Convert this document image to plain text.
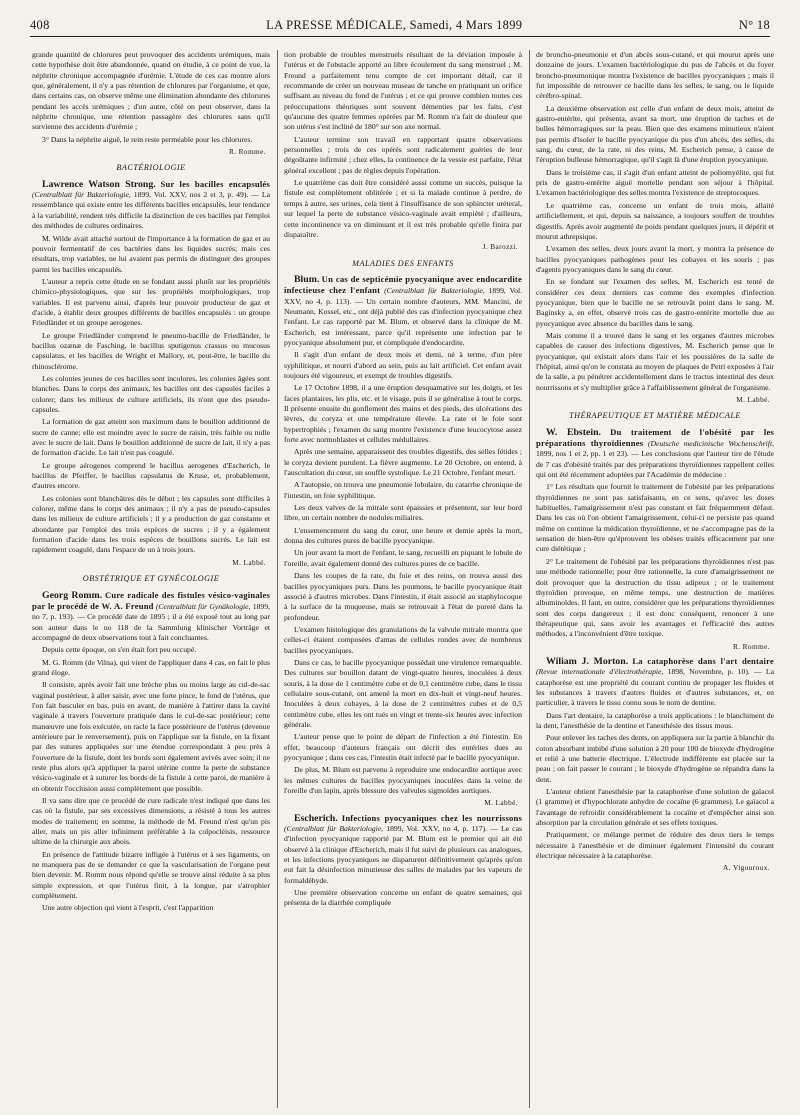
408	LA PRESSE MÉDICALE, Samedi, 4 Mars 1899	N° 18

grande quantité de chlorures peut provoquer des accidents urémiques, mais cette hypothèse doit être abandonnée, quand on étudie, à ce point de vue, la néphrite chronique accompagnée d'urémie. L'étude de ces cas montre alors que, généralement, il n'y a pas rétention de chlorures par l'organisme, et que, dans certains cas, on observe même une élimination abondante des chlorures pendant les accès urémiques ; d'un autre, côté on peut observer, dans la néphrite chronique, une rétention passagère des chlorures sans qu'il survienne des accidents d'urémie ;

3° Dans la néphrite aiguë, le rein reste perméable pour les chlorures.

R. Romme.
BACTÉRIOLOGIE

Lawrence Watson Strong. Sur les bacilles encapsulés (Centralblatt für Bakteriologie, 1899, Vol. XXV, nos 2 et 3, p. 49). — La ressemblance qui existe entre les différents bacilles encapsulés, leur tendance à la variabilité, rendent très difficile la distinction de ces bacilles par l'emploi des méthodes de cultures ordinaires.

M. Wilde avait attaché surtout de l'importance à la formation de gaz et au pouvoir fermentatif de ces bactéries dans les liquides sucrés; mais ces résultats, trop variables, ne lui avaient pas permis de distinguer des groupes parmi les bacilles encapsulés.

L'auteur a repris cette étude en se fondant aussi plutôt sur les propriétés chimico-physiologiques, que sur les propriétés morphologiques, trop variables. Il est parvenu ainsi, d'après leur pouvoir producteur de gaz et d'acide, à établir deux groupes différents de bacilles encapsulés : un groupe Friedländer et un groupe aerogenes.

Le groupe Friedländer comprend le pneumo-bacille de Friedländer, le bacillus ozænæ de Fasching, le bacillus sputigenus crassus ou mucosus capsulatus, et les bacilles de Wright et Mallory, et, peut-être, le bacille du rhinosclérome.

Les colonies jeunes de ces bacilles sont incolores, les colonies âgées sont blanches. Dans le corps des animaux, les bacilles ont des capsules faciles à colorer; dans les milieux de culture artificiels, ils n'ont que des pseudo-capsules.

La formation de gaz atteint son maximum dans le bouillon additionné de sucre de canne; elle est moindre avec le sucre de raisin, très faible ou nulle avec le sucre de lait. Dans le bouillon additionné de sucre de lait, il n'y a pas de formation d'acide. Le lait n'est pas coagulé.

Le groupe aérogenes comprend le bacillus aerogenes d'Escherich, le bacillus de Pfeiffer, le bacillus capsulatus de Kruse, et, probablement, d'autres encore.

Les colonies sont blanchâtres dès le début ; les capsules sont difficiles à colorer, même dans le corps des animaux ; il n'y a pas de pseudo-capsules dans les milieux de culture artificiels ; il y a production de gaz constante et abondante par l'emploi des trois espèces de sucres ; il y a également formation d'acide dans les trois espèces de bouillons sucrés. Le lait est rapidement coagulé, dans l'espace de un à trois jours.

M. Labbé.
OBSTÉTRIQUE ET GYNÉCOLOGIE

Georg Romm. Cure radicale des fistules vésico-vaginales par le procédé de W. A. Freund (Centralblatt für Gynäkologie, 1899, no 7, p. 193). — Ce procédé date de 1895 ; il a été exposé tout au long par son auteur dans le no 118 de la Sammlung klinischer Vorträge et accompagné de deux observations tout à fait concluantes.

Depuis cette époque, on s'en était fort peu occupé.

M. G. Romm (de Vilna), qui vient de l'appliquer dans 4 cas, en fait le plus grand éloge.

Il consiste, après avoir fait une brèche plus ou moins large au cul-de-sac vaginal postérieur, à aller saisir, avec une forte pince, le fond de l'utérus, que l'on fait basculer en bas, puis en avant, de manière à l'attirer dans la cavité vaginale à travers l'ouverture pratiquée dans le cul-de-sac postérieur; cette manœuvre une fois exécutée, on racle la face postérieure de l'utérus (devenue antérieure par le renversement), puis on l'applique sur la fistule, en la fixant par des sutures appliquées sur une étendue correspondant à peu près à l'ouverture de la fistule, dont les bords sont également avivés avec soin; il ne reste plus alors qu'à appliquer la paroi utérine contre la perte de substance vésico-vaginale et à suturer les bords de la fistule à cette paroi, de manière à en obtenir l'occlusion aussi complètement que possible.

Il va sans dire que ce procédé de cure radicale n'est indiqué que dans les cas où la fistule, par ses excessives dimensions, a résisté à tous les autres modes de traitement; en somme, la méthode de M. Freund n'est qu'un pis aller, mais un pis aller infiniment préférable à la colpocléisis, ressource ultime de la chirurgie aux abois.

En présence de l'attitude bizarre infligée à l'utérus et à ses ligaments, on ne manquera pas de se demander ce que la vascularisation de l'organe peut bien devenir. M. Romm nous répond qu'elle se trouve ainsi réduite à sa plus simple expression, et que l'utérus finit, à la longue, par s'atrophier complètement.

Une autre objection qui vient à l'esprit, c'est l'apparition

tion probable de troubles menstruels résultant de la déviation imposée à l'utérus et de l'obstacle apporté au libre écoulement du sang menstruel ; M. Freund a parfaitement tenu compte de cet important détail, car il recommande de créer un nouveau museau de tanche en pratiquant un orifice suffisant au niveau du fond de l'utérus ; et ce qui prouve combien toutes ces préoccupations théoriques sont souvent démenties par les faits, c'est qu'aucune des quatre femmes opérées par M. Romm n'a fait de douleur que son utérus s'est incliné de 180° sur son axe normal.

L'auteur termine son travail en rapportant quatre observations personnelles ; trois de ces opérés sont radicalement guéries de leur dégoûtante infirmité ; chez elles, la continence de la vessie est parfaite, l'état général excellent ; pas de règles depuis l'opération.

Le quatrième cas doit être considéré aussi comme un succès, puisque la fistule est complètement oblitérée ; et si la malade continue à perdre, de temps à autre, ses urines, cela tient à l'insuffisance de son sphincter uréteral, sur lequel la perte de substance vésico-vaginale avait empiété ; d'ailleurs, cette incontinence va en diminuant et il est très probable qu'elle finira par disparaître.

J. Barozzi.
MALADIES DES ENFANTS

Blum. Un cas de septicémie pyocyanique avec endocardite infectieuse chez l'enfant (Centralblatt für Bakteriologie, 1899, Vol. XXV, no 4, p. 113). — Un certain nombre d'auteurs, MM. Mancini, de Neumann, Kossel, etc., ont déjà publié des cas d'infection pyocyanique chez l'enfant. Le cas rapporté par M. Blum, et observé dans la clinique de M. Escherich, est intéressant, parce qu'il représente une infection par le pyocyanique absolument pur, et compliquée d'endocardite.

Il s'agit d'un enfant de deux mois et demi, né à terme, d'un père syphilitique, et nourri d'abord au sein, puis au lait artificiel. Cet enfant avait toujours été vigoureux, et exempt de troubles digestifs.

Le 17 Octobre 1898, il a une éruption desquamative sur les doigts, et les faces plantaires, les plis, etc. et le visage, puis il se généralise à tout le corps. Il présente ensuite du gonflement des mains et des pieds, des ulcérations des lèvres, du coryza et une température élevée. La rate et le foie sont hypertrophiés ; l'examen du sang montre l'existence d'une leucocytose assez forte avec normoblastes et cellules médullaires.

Après une semaine, apparaissent des troubles digestifs, des selles fétides ; le coryza devient purulent. La fièvre augmente. Le 20 Octobre, on entend, à l'auscultation du cœur, un souffle systolique. Le 21 Octobre, l'enfant meurt.

A l'autopsie, on trouva une pneumonie lobulaire, du catarrhe chronique de l'intestin, un foie syphilitique.

Les deux valves de la mitrale sont épaissies et présentent, sur leur bord libre, un certain nombre de nodules miliaires.

L'ensemencement du sang du cœur, une heure et demie après la mort, donna des cultures pures de bacille pyocyanique.

Un jour avant la mort de l'enfant, le sang, recueilli en piquant le lobule de l'oreille, avait également donné des cultures pures de ce bacille.

Dans les coupes de la rate, du foie et des reins, on trouva aussi des bacilles pyocyaniques purs. Dans les poumons, le bacille pyocyanique était associé à d'autres microbes. Dans l'intestin, il était associé au staphylocoque à la surface de la muqueuse, mais se retrouvait à l'état de pureté dans la profondeur.

L'examen histologique des granulations de la valvule mitrale montra que celles-ci étaient composées d'amas de cellules rondes avec de nombreux bacilles pyocyaniques.

Dans ce cas, le bacille pyocyanique possédait une virulence remarquable. Des cultures sur bouillon datant de vingt-quatre heures, inoculées à deux souris, à la dose de 1 centimètre cube et de 0,1 centimètre cube, dans le tissu cellulaire sous-cutané, ont amené la mort en dix-huit et vingt-neuf heures. Inoculées à deux cobayes, à la dose de 2 centimètres cubes et de 0,5 centimètre cube, elles les ont tués en vingt et trente-six heures avec infection générale.

L'auteur pense que le point de départ de l'infection a été l'intestin. En effet, beaucoup d'auteurs français ont décrit des entérites dues au pyocyanique ; dans ces cas, l'intestin était infecté par le bacille pyocyanique.

De plus, M. Blum est parvenu à reproduire une endocardite aortique avec les mêmes cultures de bacilles pyocyaniques inoculées dans la veine de l'oreille d'un lapin, après blessure des valvules sigmoïdes aortiques.

M. Labbé.

Escherich. Infections pyocyaniques chez les nourrissons (Centralblatt für Bakteriologie, 1899, Vol. XXV, no 4, p. 117). — Le cas d'infection pyocyanique rapporté par M. Blum est le premier qui ait été observé à la clinique d'Escherich, mais il fut suivi de plusieurs cas analogues, et les infections pyocyaniques ne disparurent définitivement qu'après qu'on eut fait la désinfection minutieuse des salles de malades par les vapeurs de formaldéhyde.

Une première observation concerne un enfant de quatre semaines, qui présenta de la diarrhée compliquée

de broncho-pneumonie et d'un abcès sous-cutané, et qui mourut après une douzaine de jours. L'examen bactériologique du pus de l'abcès et du foyer broncho-pneumonique montra l'existence de bacilles pyocyaniques ; mais il fut impossible de retrouver ce bacille dans les selles, le sang, ou le liquide cérébro-spinal.

La deuxième observation est celle d'un enfant de deux mois, atteint de gastro-entérite, qui présenta, avant sa mort, une éruption de taches et de bulles hémorragiques sur la peau. Bien que des examens minutieux n'aient pas permis d'isoler le bacille pyocyanique du pus d'un abcès, des selles, du sang, du cœur, de la rate, ni des reins, M. Escherich pense, à cause de l'éruption bulleuse hémorragique, qu'il s'agit là d'une éruption pyocyanique.

Dans le troisième cas, il s'agit d'un enfant atteint de poliomyélite, qui fut pris de gastro-entérite aiguë mortelle pendant son séjour à l'hôpital. L'examen bactériologique des selles montra l'existence de streptocoques.

Le quatrième cas, concerne un enfant de trois mois, allaité artificiellement, et qui, depuis sa naissance, a toujours souffert de troubles digestifs. Après avoir augmenté de poids pendant quelques jours, il dépérit et mourut athrepsique.

L'examen des selles, deux jours avant la mort, y montra la présence de bacilles pyocyaniques pathogènes pour les cobayes et les souris ; pas d'agents pyocyaniques dans le sang du cœur.

En se fondant sur l'examen des selles, M. Escherich est tenté de considérer ces deux derniers cas comme des exemples d'infection pyocyanique, bien que le bacille ne se retrouvât point dans le sang. M. Baginsky a, en effet, observé trois cas de gastro-entérite mortelle due au pyocyanique avec absence du bacilles dans le sang.

Mais comme il a trouvé dans le sang et les organes d'autres microbes capables de causer des infections digestives, M. Escherich pense que le pyocyanique, qui existait alors dans l'air et les poussières de la salle de l'hôpital, ainsi qu'on le constata au moyen de plaques de Petri exposées à l'air de la salle, a pu pénétrer accidentellement dans le tractus intestinal des deux nourrissons et s'y multiplier grâce à l'affaiblissement général de l'organisme.

M. Labbé.
THÉRAPEUTIQUE ET MATIÈRE MÉDICALE

W. Ebstein. Du traitement de l'obésité par les préparations thyroïdiennes (Deutsche medicinische Wochenschrift, 1899, nos 1 et 2, pp. 1 et 23). — Les conclusions que l'auteur tire de l'étude de 7 cas d'obésité traités par des préparations thyroïdiennes rappellent celles qui ont été récemment adoptées par l'Académie de médecine :

1° Les résultats que fournit le traitement de l'obésité par les préparations thyroïdiennes ne sont pas satisfaisants, en ce sens, qu'avec les doses habituelles, l'amaigrissement n'est pas constant et fait fréquemment défaut. Dans les cas où l'on obtient l'amaigrissement, celui-ci ne persiste pas quand même on continue la médication thyroïdienne, et ne s'accompagne pas de la sensation de bien-être qu'éprouvent les obèses traités efficacement par une cure diététique ;

2° Le traitement de l'obésité par les préparations thyroïdiennes n'est pas une méthode rationnelle; pour être rationnelle, la cure d'amaigrissement ne doit provoquer que la destruction du tissu adipeux ; or le traitement thyroïdien provoque, en même temps, une destruction de matières albuminoïdes. Il faut, en outre, considérer que les préparations thyroïdiennes sont des corps dangereux ; il est donc conséquent, renoncer à une thérapeutique qui, sans avoir les avantages et l'efficacité des autres méthodes, a l'inconvénient d'être toxique.

R. Romme.

Wiliam J. Morton. La cataphorèse dans l'art dentaire (Revue internationale d'électrothérapie, 1898, Novembre, p. 10). — La cataphorèse est une propriété du courant continu de propager les fluides et les substances à travers d'autres fluides et d'autres substances, et, en particulier, à travers le tissu connu sous le nom de dentine.

Dans l'art dentaire, la cataphorèse a trois applications : le blanchiment de la dent, l'anesthésie de la dentine et l'anesthésie des tissus mous.

Pour enlever les taches des dents, on appliquera sur la partie à blanchir du coton absorbant imbibé d'une solution à 20 pour 100 de bioxyde d'hydrogène et relié à une batterie électrique. L'électrode indifférente est placée sur la peau ; on fait passer le courant ; le bioxyde d'hydrogène se répandra dans la dent.

L'auteur obtient l'anesthésie par la cataphorèse d'une solution de gaïacol (1 gramme) et d'hypochlorate anhydre de cocaïne (6 grammes). Le gaïacol a l'avantage de refroidir considérablement la cocaïne et d'empêcher ainsi son absorption par la circulation générale et ses effets toxiques.

Pratiquement, ce mélange permet de réduire des deux tiers le temps nécessaire à l'anesthésie et de diminuer également l'intensité du courant électrique nécessaire à la cataphorèse.

A. Vigouroux.
